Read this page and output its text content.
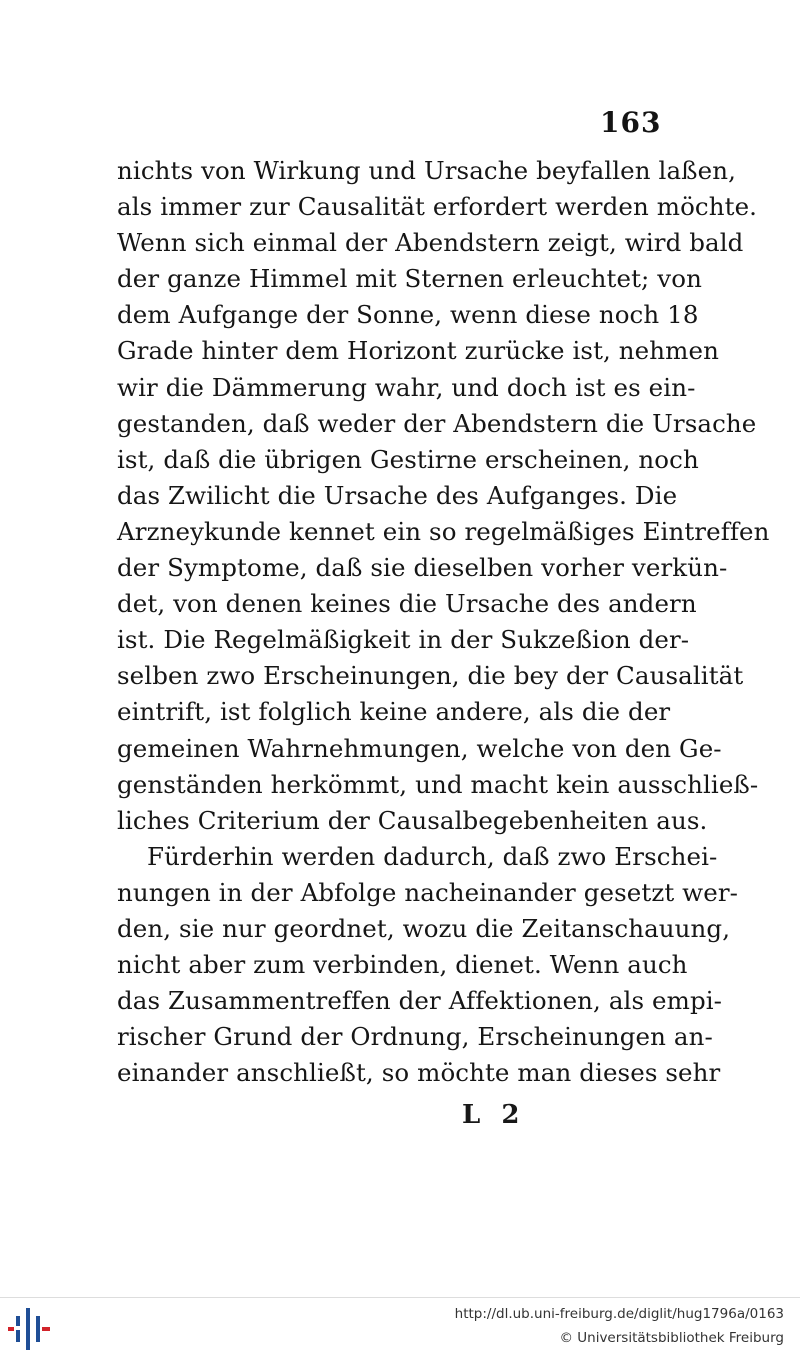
163
nichts von Wirkung und Ursache beyfallen laßen,
als immer zur Causalität erfordert werden möchte.
Wenn sich einmal der Abendstern zeigt, wird bald
der ganze Himmel mit Sternen erleuchtet; von
dem Aufgange der Sonne, wenn diese noch 18
Grade hinter dem Horizont zurücke ist, nehmen
wir die Dämmerung wahr, und doch ist es ein-
gestanden, daß weder der Abendstern die Ursache
ist, daß die übrigen Gestirne erscheinen, noch
das Zwilicht die Ursache des Aufganges. Die
Arzneykunde kennet ein so regelmäßiges Eintreffen
der Symptome, daß sie dieselben vorher verkün-
det, von denen keines die Ursache des andern
ist. Die Regelmäßigkeit in der Sukzeßion der-
selben zwo Erscheinungen, die bey der Causalität
eintrift, ist folglich keine andere, als die der
gemeinen Wahrnehmungen, welche von den Ge-
genständen herkömmt, und macht kein ausschließ-
liches Criterium der Causalbegebenheiten aus.
Fürderhin werden dadurch, daß zwo Erschei-
nungen in der Abfolge nacheinander gesetzt wer-
den, sie nur geordnet, wozu die Zeitanschauung,
nicht aber zum verbinden, dienet. Wenn auch
das Zusammentreffen der Affektionen, als empi-
rischer Grund der Ordnung, Erscheinungen an-
einander anschließt, so möchte man dieses sehr
L 2
http://dl.ub.uni-freiburg.de/diglit/hug1796a/0163
© Universitätsbibliothek Freiburg
